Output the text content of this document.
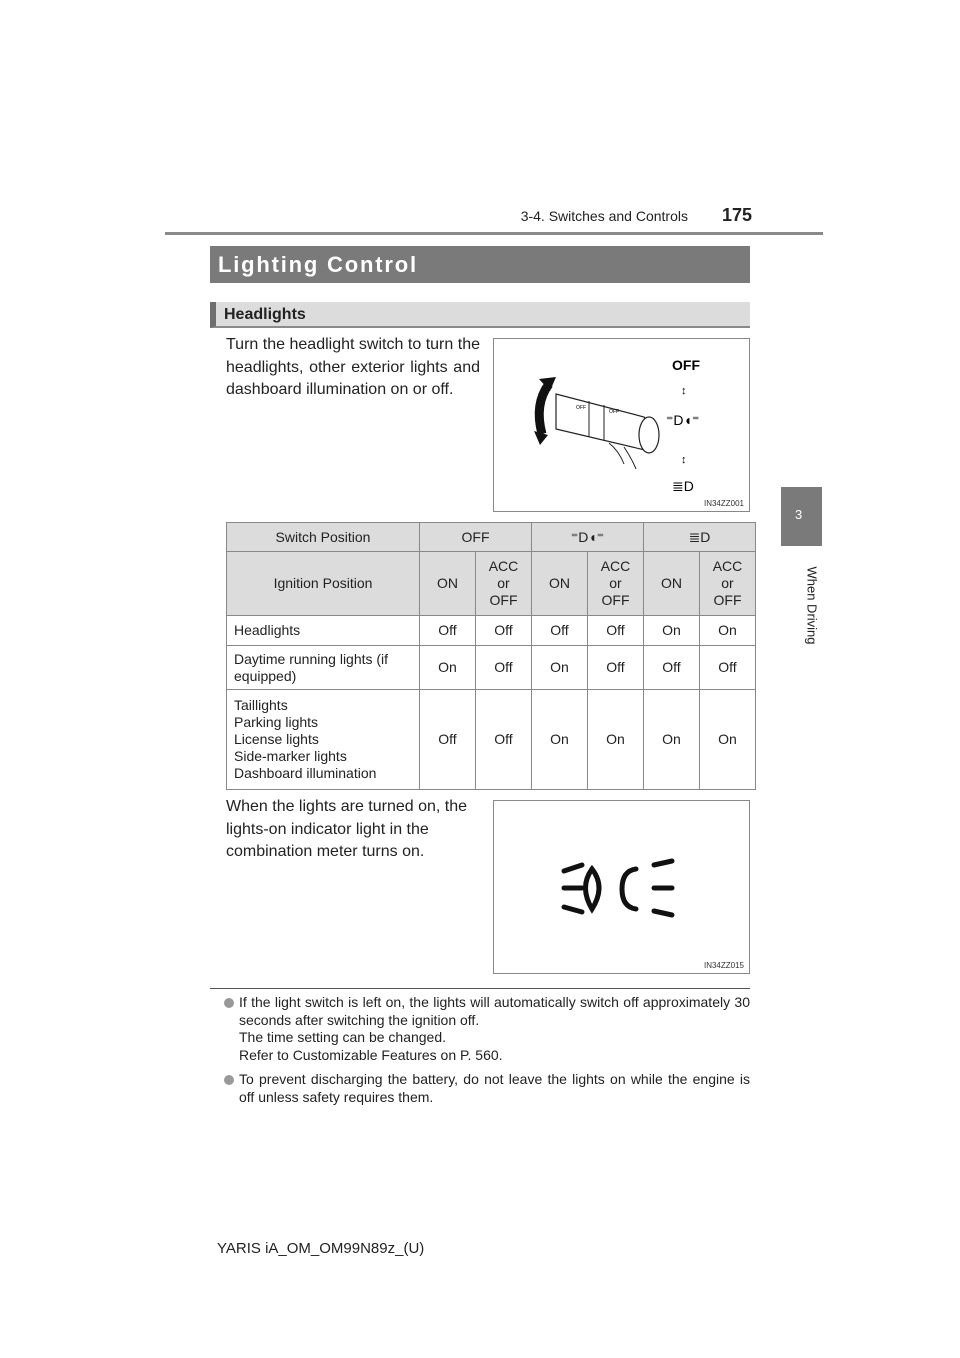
3-4. Switches and Controls 175
Lighting Control
Headlights
Turn the headlight switch to turn the headlights, other exterior lights and dashboard illumination on or off.
OFF
OFF
OFF
↕
⁼D◖⁼
↕
≣D
IN34ZZ001
Switch Position	OFF		⁼D◖⁼		≣D	
Ignition Position	ON	ACC
or
OFF	ON	ACC
or
OFF	ON	ACC
or
OFF
Headlights	Off	Off	Off	Off	On	On
Daytime running lights (if equipped)	On	Off	On	Off	Off	Off
Taillights
Parking lights
License lights
Side-marker lights
Dashboard illumination	Off	Off	On	On	On	On
When the lights are turned on, the lights-on indicator light in the combination meter turns on.
IN34ZZ015
If the light switch is left on, the lights will automatically switch off approximately 30 seconds after switching the ignition off.
The time setting can be changed.
Refer to Customizable Features on P. 560.
To prevent discharging the battery, do not leave the lights on while the engine is off unless safety requires them.
3
When Driving
YARIS iA_OM_OM99N89z_(U)
